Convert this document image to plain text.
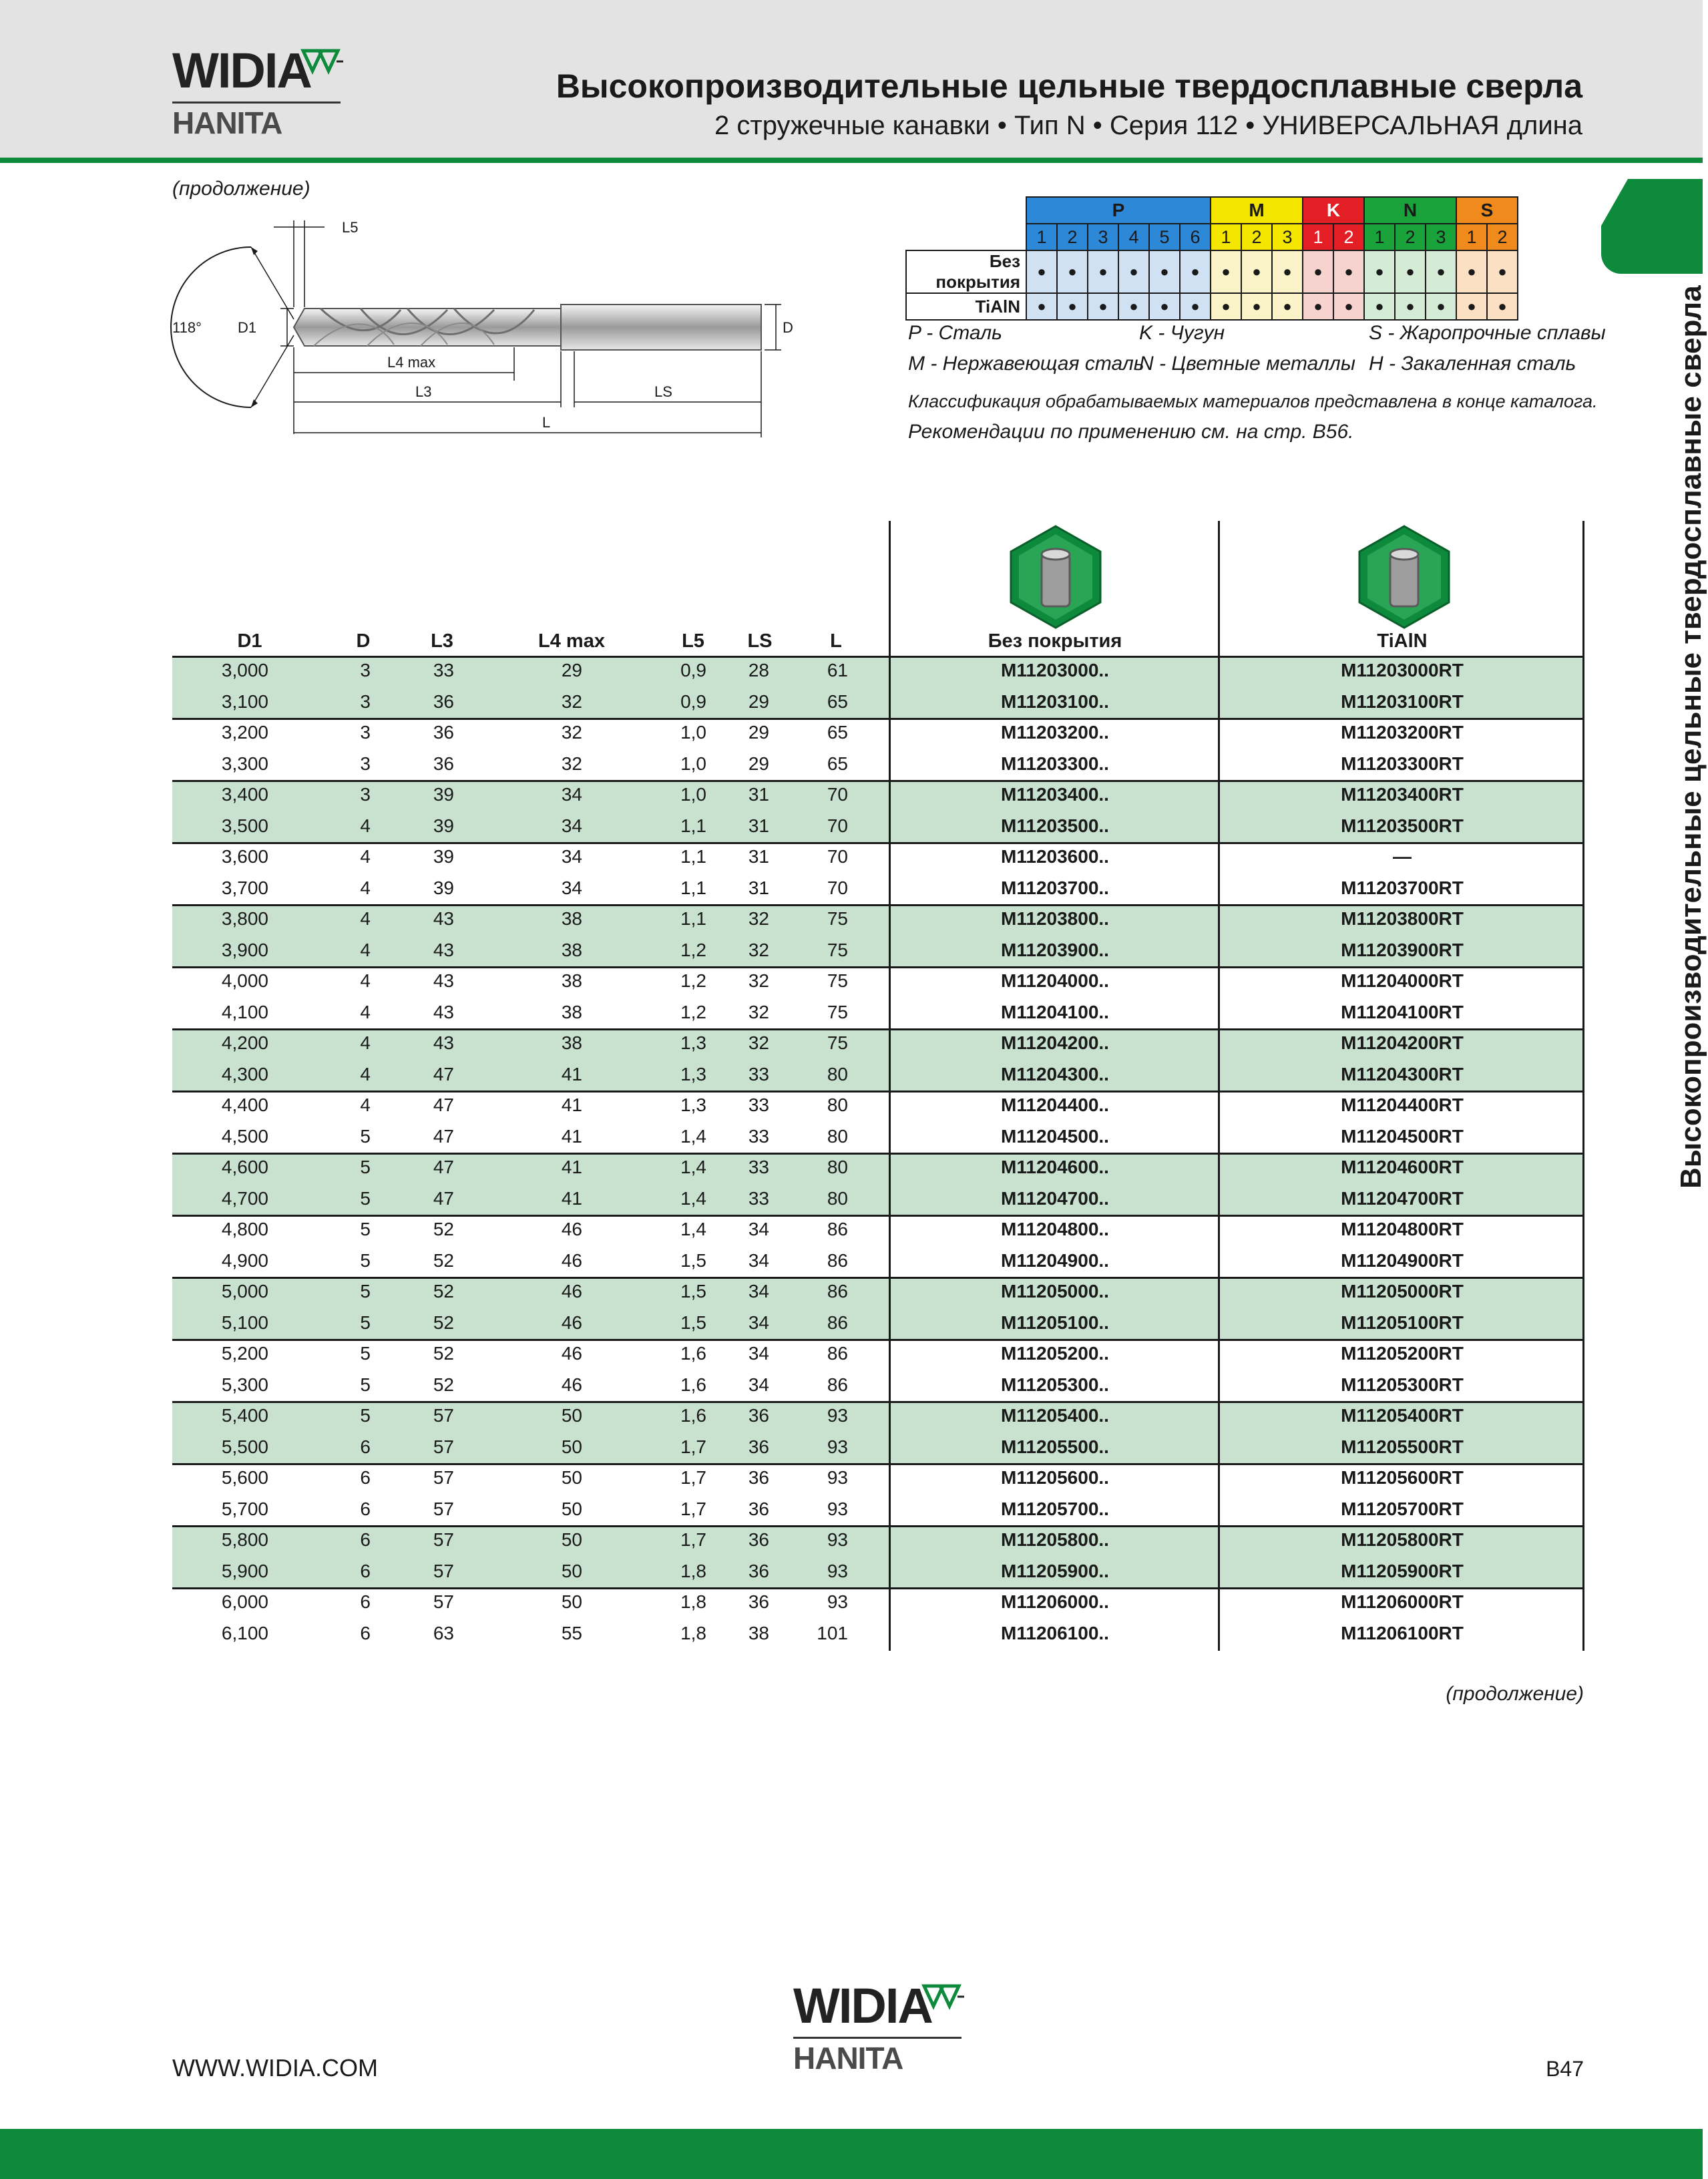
WIDIA
HANITA
Высокопроизводительные цельные твердосплавные сверла
2 стружечные канавки • Тип N • Серия 112 • УНИВЕРСАЛЬНАЯ длина
Высокопроизводительные цельные твердосплавные сверла
(продолжение)
118° D1	D
L5
L4 max
L3	LS
L
	P						M			K		N			S	
	1	2	3	4	5	6	1	2	3	1	2	1	2	3	1	2
Без покрытия	●	●	●	●	●	●	●	●	●	●	●	●	●	●	●	●
TiAlN	●	●	●	●	●	●	●	●	●	●	●	●	●	●	●	●
P - Сталь	K - Чугун	S - Жаропрочные сплавы
M - Нержавеющая сталь
N - Цветные металлы H - Закаленная сталь
Классификация обрабатываемых материалов представлена в конце каталога.
Рекомендации по применению см. на стр. B56.
D1	D	L3	L4 max	L5 LS	L	Без покрытия	TiAlN
3,000	3	33	29	0,9 28	61	M11203000..	M11203000RT
3,100	3	36	32	0,9 29	65	M11203100..	M11203100RT
3,200	3	36	32	1,0 29	65	M11203200..	M11203200RT
3,300	3	36	32	1,0 29	65	M11203300..	M11203300RT
3,400	3	39	34	1,0 31	70	M11203400..	M11203400RT
3,500	4	39	34	1,1 31	70	M11203500..	M11203500RT
3,600	4	39	34	1,1 31	70	M11203600..	—
3,700	4	39	34	1,1 31	70	M11203700..	M11203700RT
3,800	4	43	38	1,1 32	75	M11203800..	M11203800RT
3,900	4	43	38	1,2 32	75	M11203900..	M11203900RT
4,000	4	43	38	1,2 32	75	M11204000..	M11204000RT
4,100	4	43	38	1,2 32	75	M11204100..	M11204100RT
4,200	4	43	38	1,3 32	75	M11204200..	M11204200RT
4,300	4	47	41	1,3 33	80	M11204300..	M11204300RT
4,400	4	47	41	1,3 33	80	M11204400..	M11204400RT
4,500	5	47	41	1,4 33	80	M11204500..	M11204500RT
4,600	5	47	41	1,4 33	80	M11204600..	M11204600RT
4,700	5	47	41	1,4 33	80	M11204700..	M11204700RT
4,800	5	52	46	1,4 34	86	M11204800..	M11204800RT
4,900	5	52	46	1,5 34	86	M11204900..	M11204900RT
5,000	5	52	46	1,5 34	86	M11205000..	M11205000RT
5,100	5	52	46	1,5 34	86	M11205100..	M11205100RT
5,200	5	52	46	1,6 34	86	M11205200..	M11205200RT
5,300	5	52	46	1,6 34	86	M11205300..	M11205300RT
5,400	5	57	50	1,6 36	93	M11205400..	M11205400RT
5,500	6	57	50	1,7 36	93	M11205500..	M11205500RT
5,600	6	57	50	1,7 36	93	M11205600..	M11205600RT
5,700	6	57	50	1,7 36	93	M11205700..	M11205700RT
5,800	6	57	50	1,7 36	93	M11205800..	M11205800RT
5,900	6	57	50	1,8 36	93	M11205900..	M11205900RT
6,000	6	57	50	1,8 36	93	M11206000..	M11206000RT
6,100	6	63	55	1,8 38	101	M11206100..	M11206100RT
(продолжение)
WIDIA
HANITA
WWW.WIDIA.COM	B47
